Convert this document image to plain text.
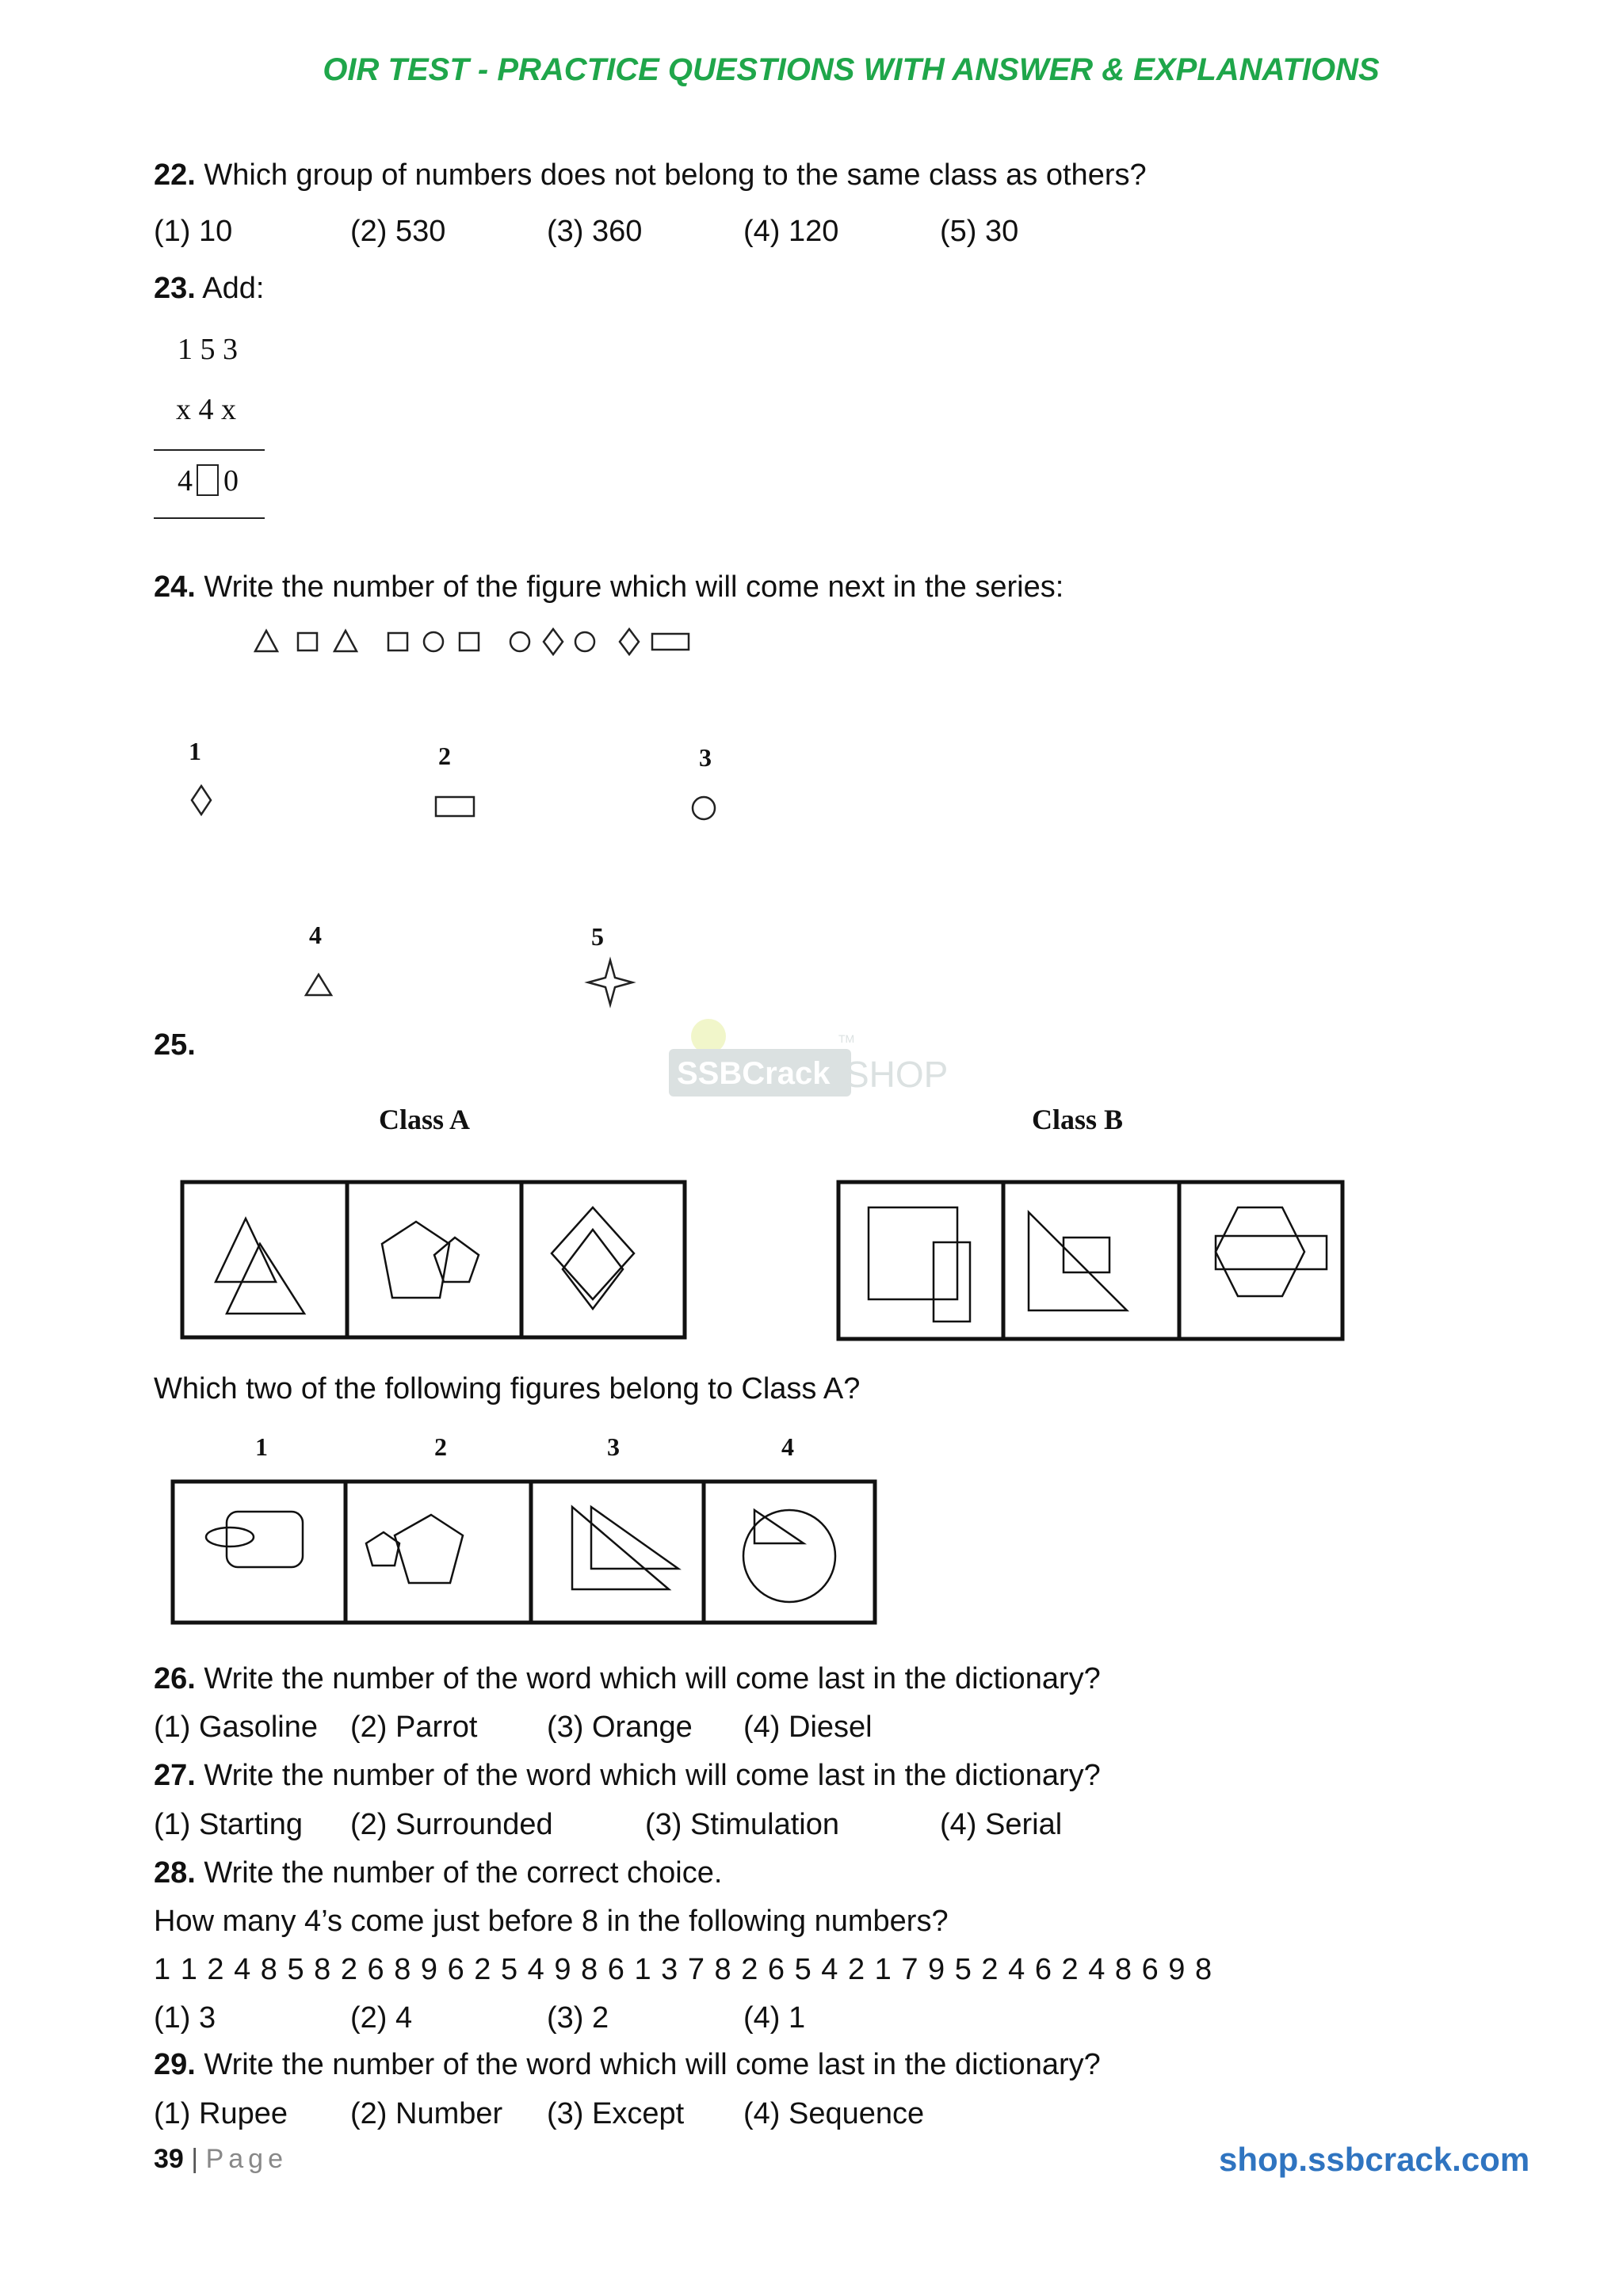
OIR TEST - PRACTICE QUESTIONS WITH ANSWER & EXPLANATIONS
22. Which group of numbers does not belong to the same class as others?
(1) 10	(2) 530	(3) 360	(4) 120	(5) 30
23. Add:
1 5 3
x 4 x
4 0
24. Write the number of the figure which will come next in the series:
1	2	3
4	5
25.
SSBCrack SHOP
TM
Class A	Class B
Which two of the following figures belong to Class A?
1	2	3	4
26. Write the number of the word which will come last in the dictionary?
(1) Gasoline (2) Parrot (3) Orange (4) Diesel
27. Write the number of the word which will come last in the dictionary?
(1) Starting (2) Surrounded	(3) Stimulation	(4) Serial
28. Write the number of the correct choice.
How many 4’s come just before 8 in the following numbers?
1 1 2 4 8 5 8 2 6 8 9 6 2 5 4 9 8 6 1 3 7 8 2 6 5 4 2 1 7 9 5 2 4 6 2 4 8 6 9 8
(1) 3	(2) 4	(3) 2	(4) 1
29. Write the number of the word which will come last in the dictionary?
(1) Rupee (2) Number (3) Except (4) Sequence
39 | Page	shop.ssbcrack.com
